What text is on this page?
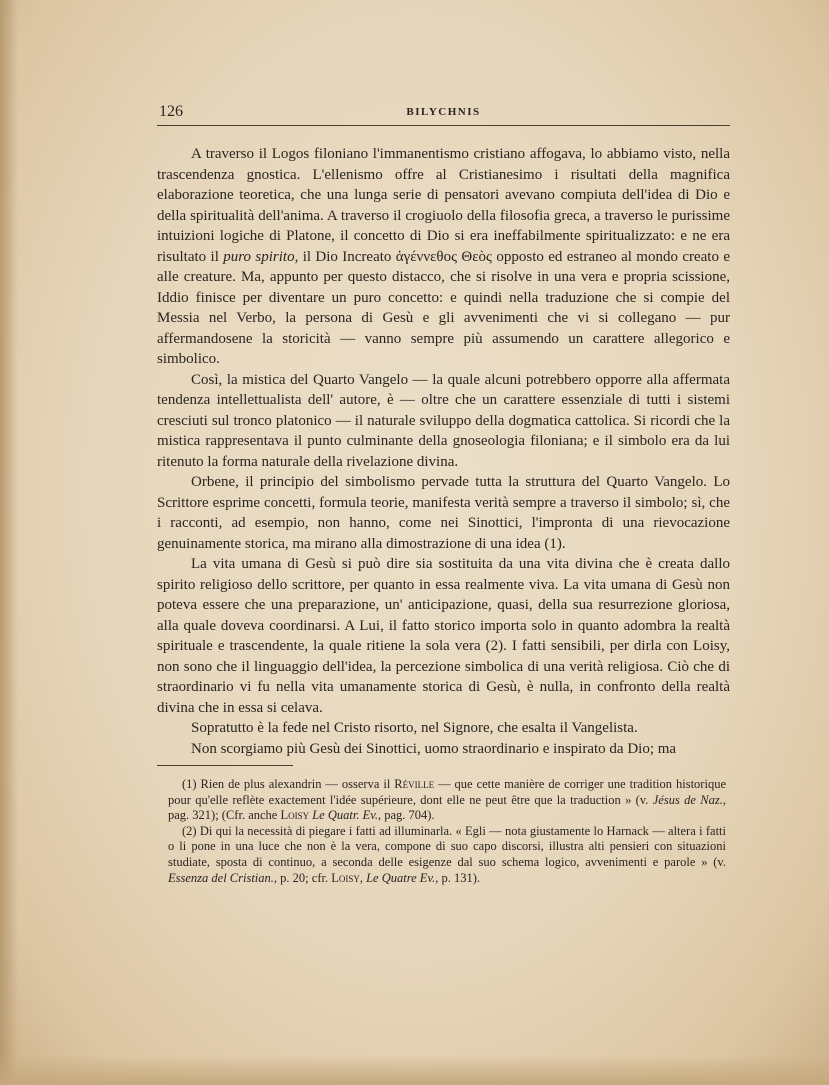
126	BILYCHNIS

A traverso il Logos filoniano l'immanentismo cristiano affogava, lo abbiamo visto, nella trascendenza gnostica. L'ellenismo offre al Cristianesimo i risultati della magnifica elaborazione teoretica, che una lunga serie di pensatori avevano compiuta dell'idea di Dio e della spiritualità dell'anima. A traverso il crogiuolo della filosofia greca, a traverso le purissime intuizioni logiche di Platone, il concetto di Dio si era ineffabilmente spiritualizzato: e ne era risultato il puro spirito, il Dio Increato ἀγέννεθος Θεὸς opposto ed estraneo al mondo creato e alle creature. Ma, appunto per questo distacco, che si risolve in una vera e propria scissione, Iddio finisce per diventare un puro concetto: e quindi nella traduzione che si compie del Messia nel Verbo, la persona di Gesù e gli avvenimenti che vi si collegano — pur affermandosene la storicità — vanno sempre più assumendo un carattere allegorico e simbolico.

Così, la mistica del Quarto Vangelo — la quale alcuni potrebbero opporre alla affermata tendenza intellettualista dell' autore, è — oltre che un carattere essenziale di tutti i sistemi cresciuti sul tronco platonico — il naturale sviluppo della dogmatica cattolica. Si ricordi che la mistica rappresentava il punto culminante della gnoseologia filoniana; e il simbolo era da lui ritenuto la forma naturale della rivelazione divina.

Orbene, il principio del simbolismo pervade tutta la struttura del Quarto Vangelo. Lo Scrittore esprime concetti, formula teorie, manifesta verità sempre a traverso il simbolo; sì, che i racconti, ad esempio, non hanno, come nei Sinottici, l'impronta di una rievocazione genuinamente storica, ma mirano alla dimostrazione di una idea (1).

La vita umana di Gesù si può dire sia sostituita da una vita divina che è creata dallo spirito religioso dello scrittore, per quanto in essa realmente viva. La vita umana di Gesù non poteva essere che una preparazione, un' anticipazione, quasi, della sua resurrezione gloriosa, alla quale doveva coordinarsi. A Lui, il fatto storico importa solo in quanto adombra la realtà spirituale e trascendente, la quale ritiene la sola vera (2). I fatti sensibili, per dirla con Loisy, non sono che il linguaggio dell'idea, la percezione simbolica di una verità religiosa. Ciò che di straordinario vi fu nella vita umanamente storica di Gesù, è nulla, in confronto della realtà divina che in essa si celava.

Sopratutto è la fede nel Cristo risorto, nel Signore, che esalta il Vangelista.

Non scorgiamo più Gesù dei Sinottici, uomo straordinario e inspirato da Dio; ma

(1) Rien de plus alexandrin — osserva il Réville — que cette manière de corriger une tradition historique pour qu'elle reflète exactement l'idée supérieure, dont elle ne peut être que la traduction » (v. Jésus de Naz., pag. 321); (Cfr. anche Loisy Le Quatr. Ev., pag. 704).

(2) Di qui la necessità di piegare i fatti ad illuminarla. « Egli — nota giustamente lo Harnack — altera i fatti o li pone in una luce che non è la vera, compone di suo capo discorsi, illustra alti pensieri con situazioni studiate, sposta di continuo, a seconda delle esigenze dal suo schema logico, avvenimenti e parole » (v. Essenza del Cristian., p. 20; cfr. Loisy, Le Quatre Ev., p. 131).
